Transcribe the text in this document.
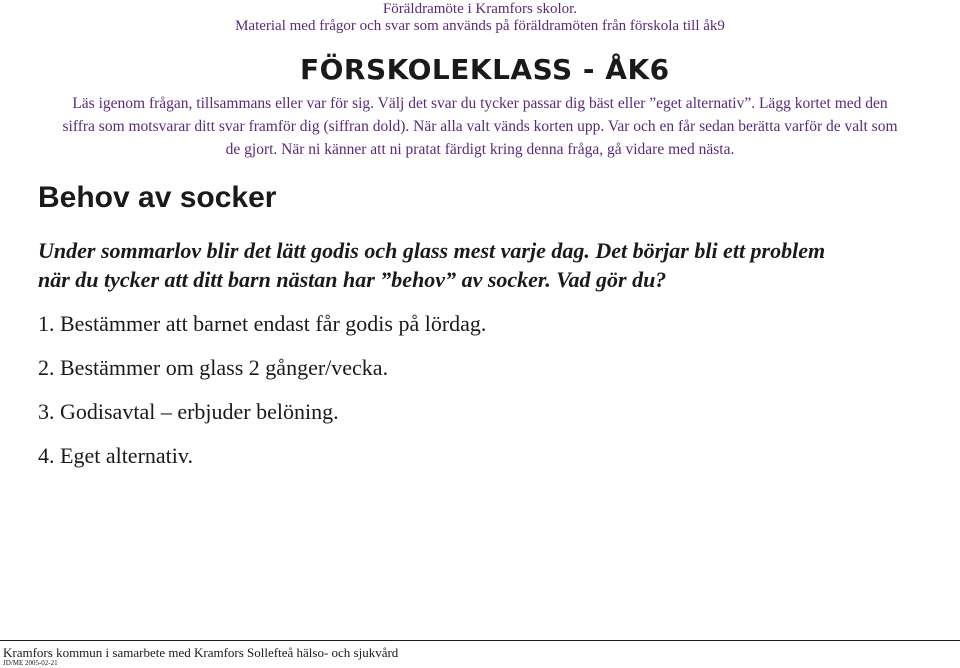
Föräldramöte i Kramfors skolor.
Material med frågor och svar som används på föräldramöten från förskola till åk9
FÖRSKOLEKLASS - ÅK6

Läs igenom frågan, tillsammans eller var för sig. Välj det svar du tycker passar dig bäst eller ”eget alternativ”. Lägg kortet med den

siffra som motsvarar ditt svar framför dig (siffran dold). När alla valt vänds korten upp. Var och en får sedan berätta varför de valt som

de gjort. När ni känner att ni pratat färdigt kring denna fråga, gå vidare med nästa.

Behov av socker
Under sommarlov blir det lätt godis och glass mest varje dag. Det börjar bli ett problem
när du tycker att ditt barn nästan har ”behov” av socker. Vad gör du?
1. Bestämmer att barnet endast får godis på lördag.
2. Bestämmer om glass 2 gånger/vecka.
3. Godisavtal – erbjuder belöning.
4. Eget alternativ.
Kramfors kommun i samarbete med Kramfors Sollefteå hälso- och sjukvård
JD/ME 2005-02-21
